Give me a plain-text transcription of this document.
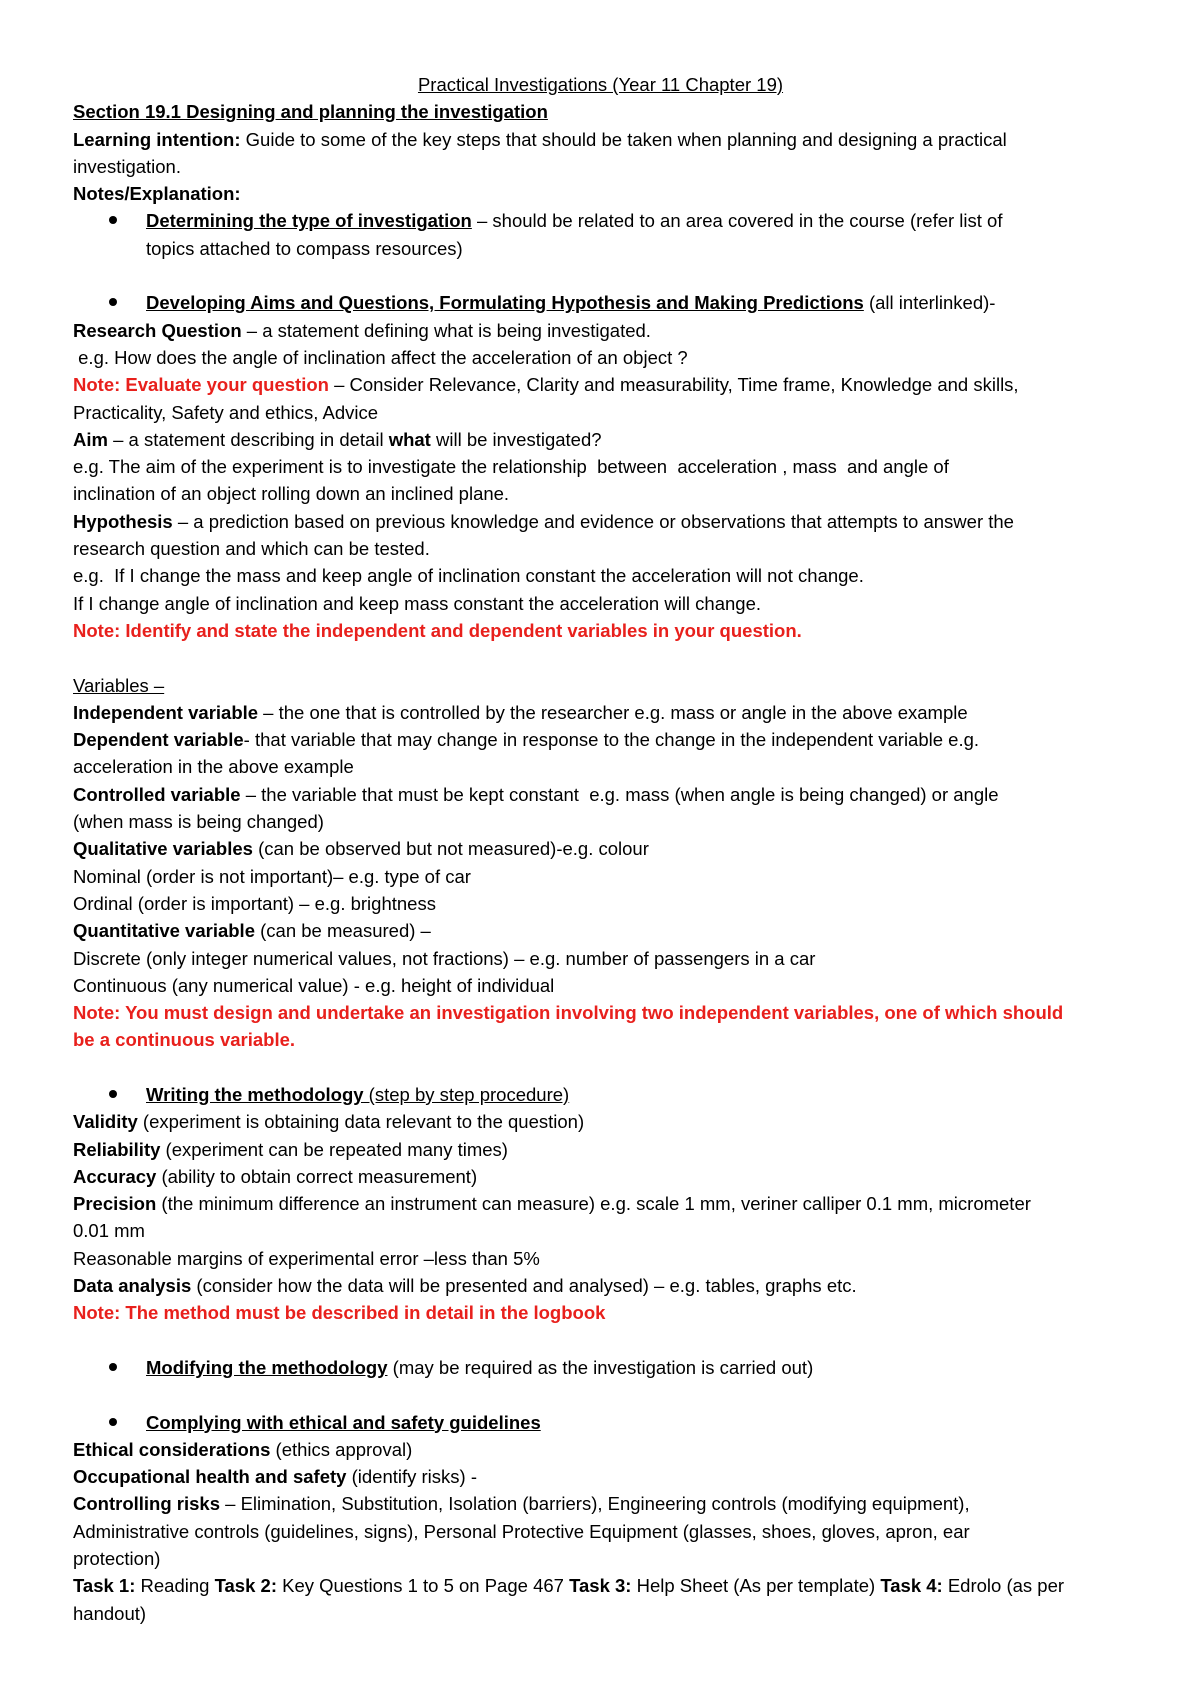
Practical Investigations (Year 11 Chapter 19)

Section 19.1 Designing and planning the investigation

Learning intention: Guide to some of the key steps that should be taken when planning and designing a practical

investigation.

Notes/Explanation:

Determining the type of investigation – should be related to an area covered in the course (refer list of
topics attached to compass resources)
Developing Aims and Questions, Formulating Hypothesis and Making Predictions (all interlinked)-

Research Question – a statement defining what is being investigated.

e.g. How does the angle of inclination affect the acceleration of an object ?

Note: Evaluate your question – Consider Relevance, Clarity and measurability, Time frame, Knowledge and skills,

Practicality, Safety and ethics, Advice

Aim – a statement describing in detail what will be investigated?

e.g. The aim of the experiment is to investigate the relationship  between  acceleration , mass  and angle of

inclination of an object rolling down an inclined plane.

Hypothesis – a prediction based on previous knowledge and evidence or observations that attempts to answer the

research question and which can be tested.

e.g.  If I change the mass and keep angle of inclination constant the acceleration will not change.

If I change angle of inclination and keep mass constant the acceleration will change.

Note: Identify and state the independent and dependent variables in your question.

Variables –

Independent variable – the one that is controlled by the researcher e.g. mass or angle in the above example

Dependent variable- that variable that may change in response to the change in the independent variable e.g.

acceleration in the above example

Controlled variable – the variable that must be kept constant  e.g. mass (when angle is being changed) or angle

(when mass is being changed)

Qualitative variables (can be observed but not measured)-e.g. colour

Nominal (order is not important)– e.g. type of car

Ordinal (order is important) – e.g. brightness

Quantitative variable (can be measured) –

Discrete (only integer numerical values, not fractions) – e.g. number of passengers in a car

Continuous (any numerical value) - e.g. height of individual

Note: You must design and undertake an investigation involving two independent variables, one of which should

be a continuous variable.

Writing the methodology (step by step procedure)

Validity (experiment is obtaining data relevant to the question)

Reliability (experiment can be repeated many times)

Accuracy (ability to obtain correct measurement)

Precision (the minimum difference an instrument can measure) e.g. scale 1 mm, veriner calliper 0.1 mm, micrometer

0.01 mm

Reasonable margins of experimental error –less than 5%

Data analysis (consider how the data will be presented and analysed) – e.g. tables, graphs etc.

Note: The method must be described in detail in the logbook

Modifying the methodology (may be required as the investigation is carried out)
Complying with ethical and safety guidelines

Ethical considerations (ethics approval)

Occupational health and safety (identify risks) -

Controlling risks – Elimination, Substitution, Isolation (barriers), Engineering controls (modifying equipment),

Administrative controls (guidelines, signs), Personal Protective Equipment (glasses, shoes, gloves, apron, ear

protection)

Task 1: Reading Task 2: Key Questions 1 to 5 on Page 467 Task 3: Help Sheet (As per template) Task 4: Edrolo (as per

handout)
